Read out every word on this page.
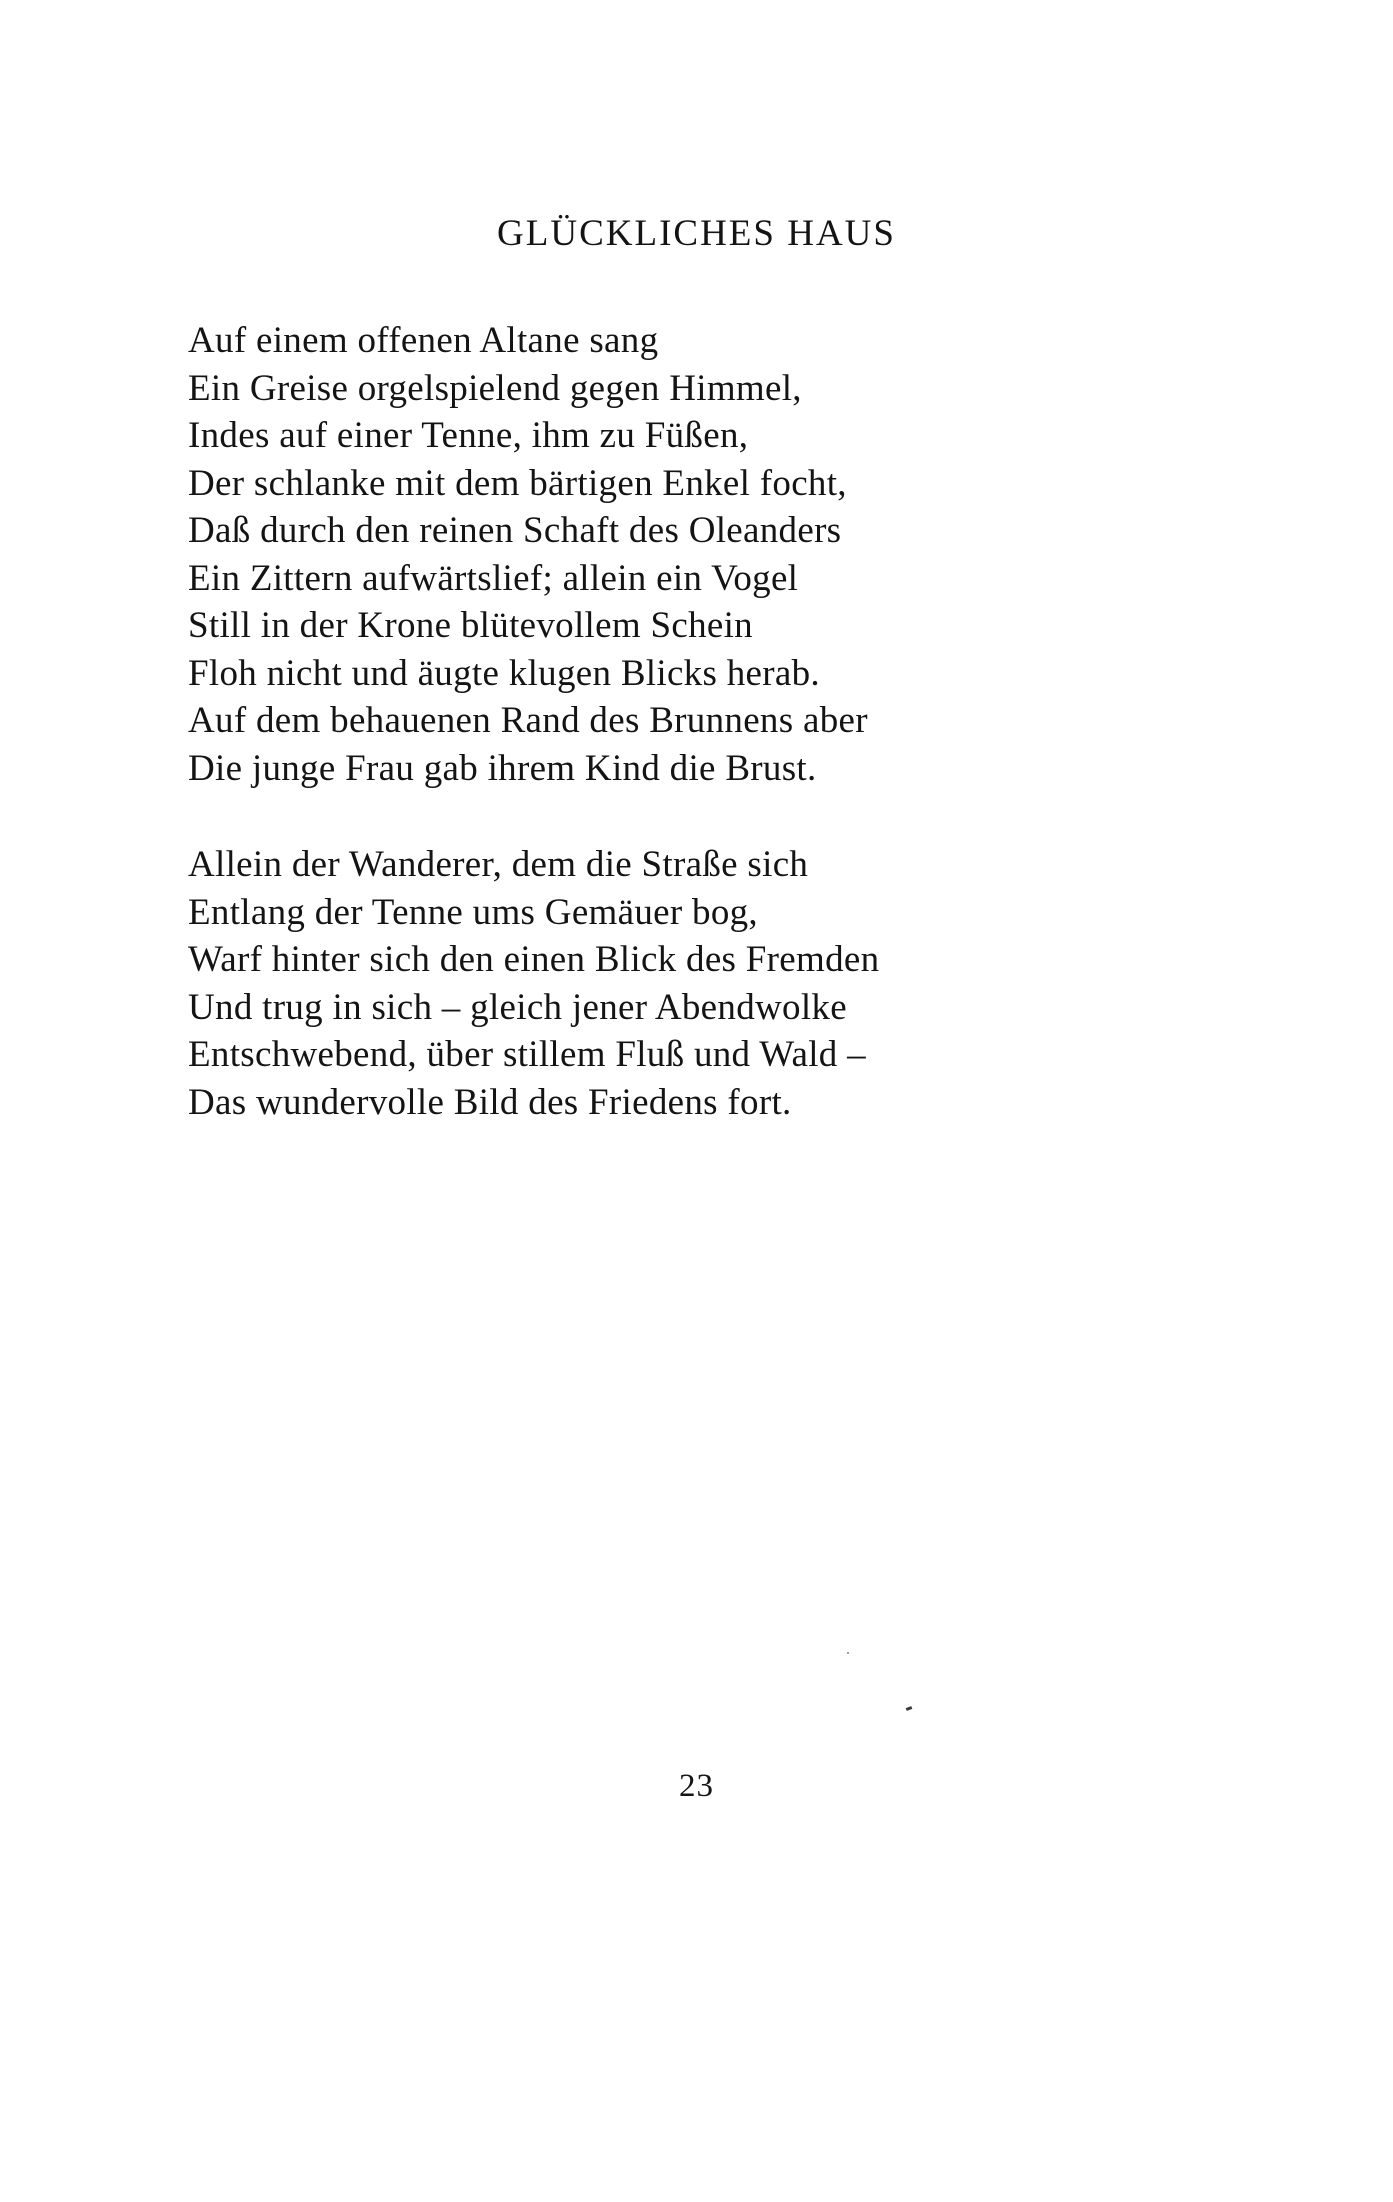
GLÜCKLICHES HAUS
Auf einem offenen Altane sang
Ein Greise orgelspielend gegen Himmel,
Indes auf einer Tenne, ihm zu Füßen,
Der schlanke mit dem bärtigen Enkel focht,
Daß durch den reinen Schaft des Oleanders
Ein Zittern aufwärtslief; allein ein Vogel
Still in der Krone blütevollem Schein
Floh nicht und äugte klugen Blicks herab.
Auf dem behauenen Rand des Brunnens aber
Die junge Frau gab ihrem Kind die Brust.
Allein der Wanderer, dem die Straße sich
Entlang der Tenne ums Gemäuer bog,
Warf hinter sich den einen Blick des Fremden
Und trug in sich – gleich jener Abendwolke
Entschwebend, über stillem Fluß und Wald –
Das wundervolle Bild des Friedens fort.
23
